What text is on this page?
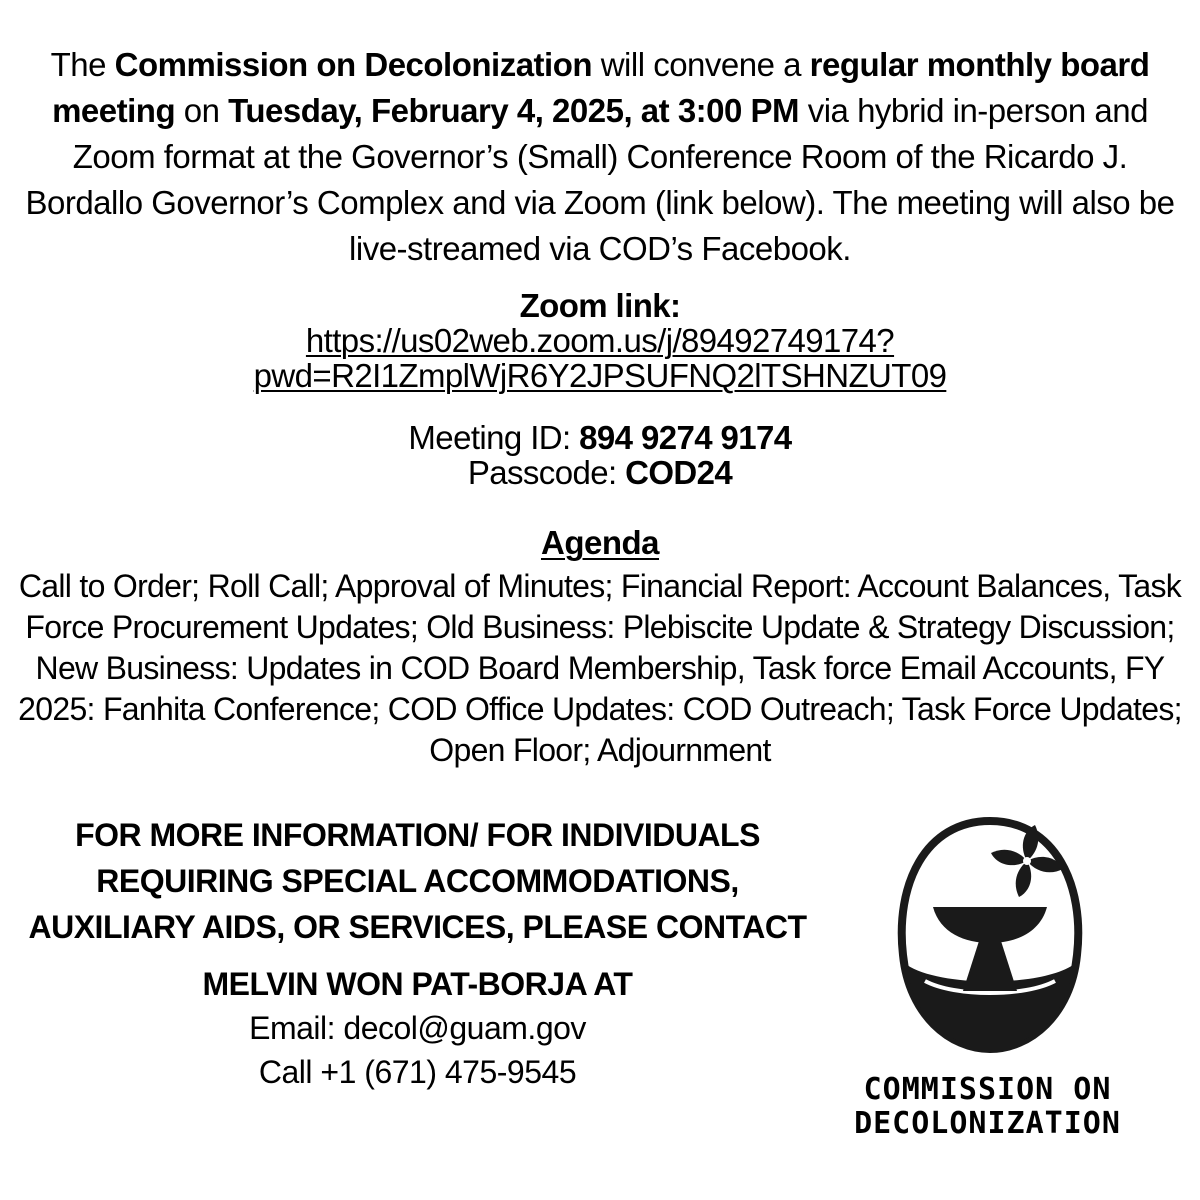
The Commission on Decolonization will convene a regular monthly board meeting on Tuesday, February 4, 2025, at 3:00 PM via hybrid in-person and Zoom format at the Governor’s (Small) Conference Room of the Ricardo J. Bordallo Governor’s Complex and via Zoom (link below). The meeting will also be live-streamed via COD’s Facebook.
Zoom link:
https://us02web.zoom.us/j/89492749174?
pwd=R2I1ZmplWjR6Y2JPSUFNQ2lTSHNZUT09
Meeting ID: 894 9274 9174
Passcode: COD24
Agenda
Call to Order; Roll Call; Approval of Minutes; Financial Report: Account Balances, Task Force Procurement Updates; Old Business: Plebiscite Update & Strategy Discussion; New Business: Updates in COD Board Membership, Task force Email Accounts, FY 2025: Fanhita Conference; COD Office Updates: COD Outreach; Task Force Updates; Open Floor; Adjournment
FOR MORE INFORMATION/ FOR INDIVIDUALS REQUIRING SPECIAL ACCOMMODATIONS, AUXILIARY AIDS, OR SERVICES, PLEASE CONTACT
MELVIN WON PAT-BORJA AT
Email: decol@guam.gov
Call +1 (671) 475-9545	COMMISSION ON
DECOLONIZATION
